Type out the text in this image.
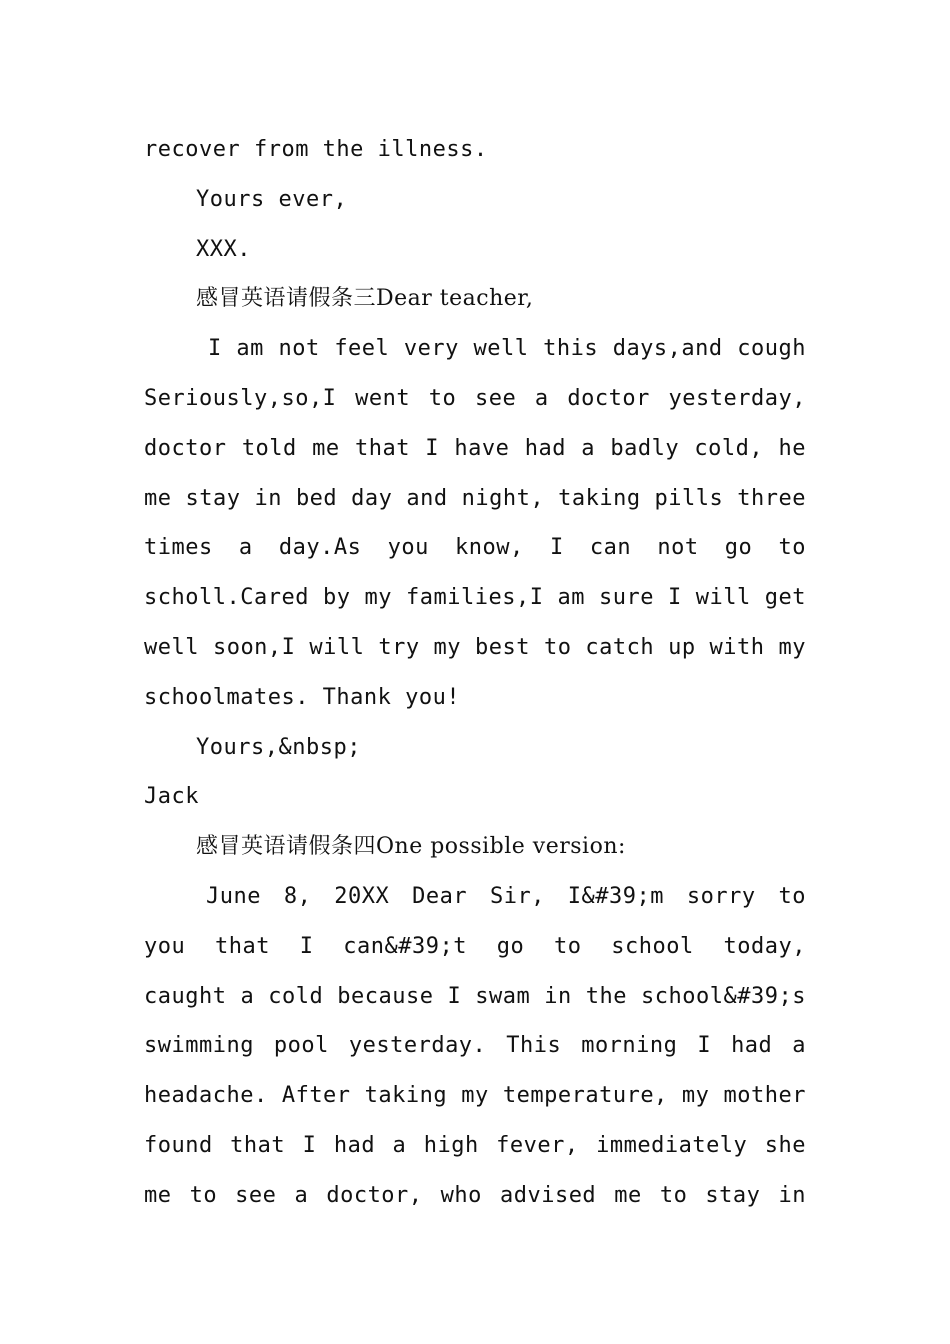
recover from the illness.
Yours ever,
XXX.
感冒英语请假条三Dear teacher,
I am not feel very well this days,and cough
Seriously,so,I went to see a doctor yesterday,
doctor told me that I have had a badly cold, he
me stay in bed day and night, taking pills three
times a day.As you know, I can not go to
scholl.Cared by my families,I am sure I will get
well soon,I will try my best to catch up with my
schoolmates. Thank you!
Yours,&nbsp;
Jack
感冒英语请假条四One possible version:
June 8, 20XX Dear Sir, I&#39;m sorry to
you that I can&#39;t go to school today,
caught a cold because I swam in the school&#39;s
swimming pool yesterday. This morning I had a
headache. After taking my temperature, my mother
found that I had a high fever, immediately she
me to see a doctor, who advised me to stay in
